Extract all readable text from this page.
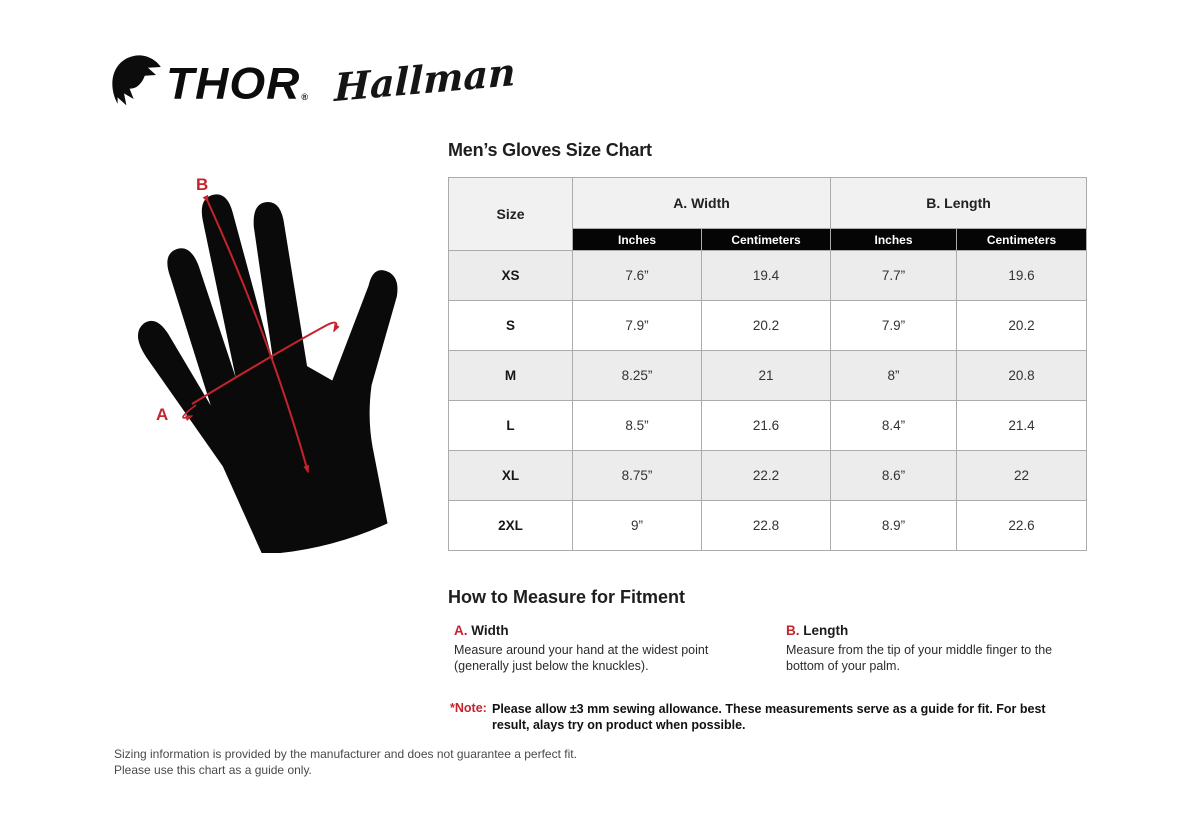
THOR ® Hallman
B
A
Men’s Gloves Size Chart
Size	A. Width		B. Length	
	Inches	Centimeters	Inches	Centimeters
XS	7.6”	19.4	7.7”	19.6
S	7.9”	20.2	7.9”	20.2
M	8.25”	21	8”	20.8
L	8.5”	21.6	8.4”	21.4
XL	8.75”	22.2	8.6”	22
2XL	9”	22.8	8.9”	22.6
How to Measure for Fitment
A. Width
Measure around your hand at the widest point (generally just below the knuckles).
B. Length
Measure from the tip of your middle finger to the bottom of your palm.
*Note: Please allow ±3 mm sewing allowance. These measurements serve as a guide for fit. For best result, alays try on product when possible.
Sizing information is provided by the manufacturer and does not guarantee a perfect fit.
Please use this chart as a guide only.
